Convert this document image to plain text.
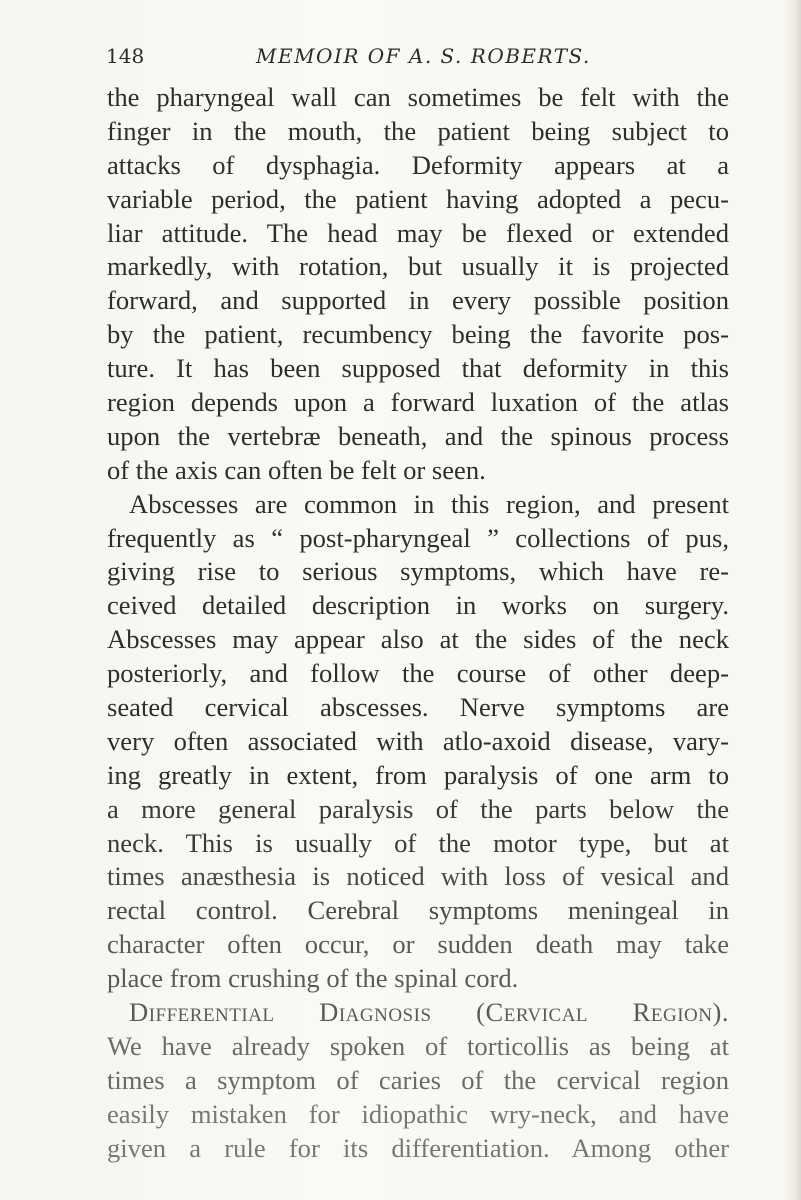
148	MEMOIR OF A. S. ROBERTS.
the pharyngeal wall can sometimes be felt with the
finger in the mouth, the patient being subject to
attacks of dysphagia. Deformity appears at a
variable period, the patient having adopted a pecu-
liar attitude. The head may be flexed or extended
markedly, with rotation, but usually it is projected
forward, and supported in every possible position
by the patient, recumbency being the favorite pos-
ture. It has been supposed that deformity in this
region depends upon a forward luxation of the atlas
upon the vertebræ beneath, and the spinous process
of the axis can often be felt or seen.
Abscesses are common in this region, and present
frequently as “ post-pharyngeal ” collections of pus,
giving rise to serious symptoms, which have re-
ceived detailed description in works on surgery.
Abscesses may appear also at the sides of the neck
posteriorly, and follow the course of other deep-
seated cervical abscesses. Nerve symptoms are
very often associated with atlo-axoid disease, vary-
ing greatly in extent, from paralysis of one arm to
a more general paralysis of the parts below the
neck. This is usually of the motor type, but at
times anæsthesia is noticed with loss of vesical and
rectal control. Cerebral symptoms meningeal in
character often occur, or sudden death may take
place from crushing of the spinal cord.
Differential Diagnosis (Cervical Region).
We have already spoken of torticollis as being at
times a symptom of caries of the cervical region
easily mistaken for idiopathic wry-neck, and have
given a rule for its differentiation. Among other
